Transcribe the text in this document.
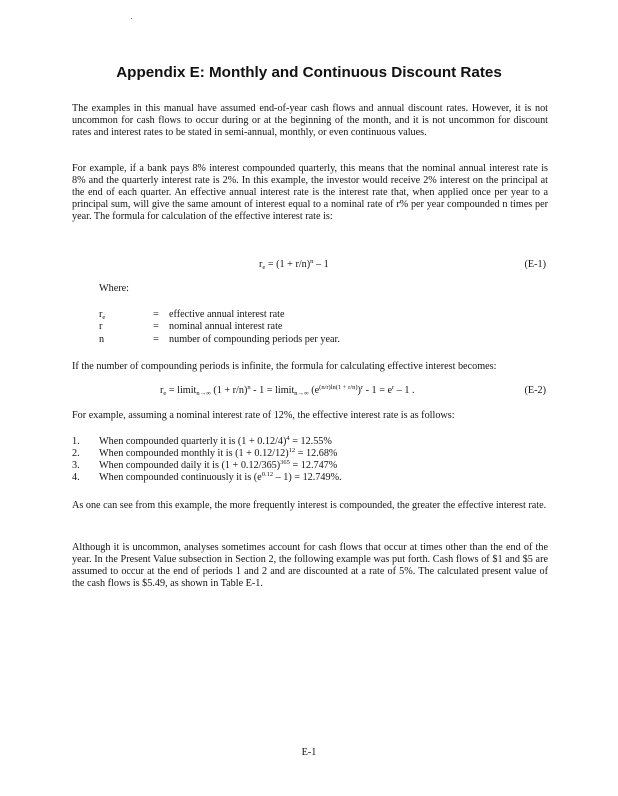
Appendix E: Monthly and Continuous Discount Rates
The examples in this manual have assumed end-of-year cash flows and annual discount rates. However, it is not uncommon for cash flows to occur during or at the beginning of the month, and it is not uncommon for discount rates and interest rates to be stated in semi-annual, monthly, or even continuous values.
For example, if a bank pays 8% interest compounded quarterly, this means that the nominal annual interest rate is 8% and the quarterly interest rate is 2%. In this example, the investor would receive 2% interest on the principal at the end of each quarter. An effective annual interest rate is the interest rate that, when applied once per year to a principal sum, will give the same amount of interest equal to a nominal rate of r% per year compounded n times per year. The formula for calculation of the effective interest rate is:
$r_e = (1 + r/n)^n - 1$	(E-1)
Where:
$r_e$	= effective annual interest rate
r	= nominal annual interest rate
n	= number of compounding periods per year.
If the number of compounding periods is infinite, the formula for calculating effective interest becomes:
$r_e$ = limit$_{n\to\infty}$ $(1 + r/n)^n - 1$ = limit$_{n\to\infty}$ $(e^{(n/r)ln(1 + r/n)})^r - 1 = e^r - 1$ .	(E-2)
For example, assuming a nominal interest rate of 12%, the effective interest rate is as follows:
1. When compounded quarterly it is $(1 + 0.12/4)^4 = 12.55\%$
2. When compounded monthly it is $(1 + 0.12/12)^{12} = 12.68\%$
3. When compounded daily it is $(1 + 0.12/365)^{365} = 12.747\%$
4. When compounded continuously it is $(e^{0.12} - 1) = 12.749\%$.
As one can see from this example, the more frequently interest is compounded, the greater the effective interest rate.
Although it is uncommon, analyses sometimes account for cash flows that occur at times other than the end of the year. In the Present Value subsection in Section 2, the following example was put forth. Cash flows of $1 and $5 are assumed to occur at the end of periods 1 and 2 and are discounted at a rate of 5%. The calculated present value of the cash flows is $5.49, as shown in Table E-1.
E-1
